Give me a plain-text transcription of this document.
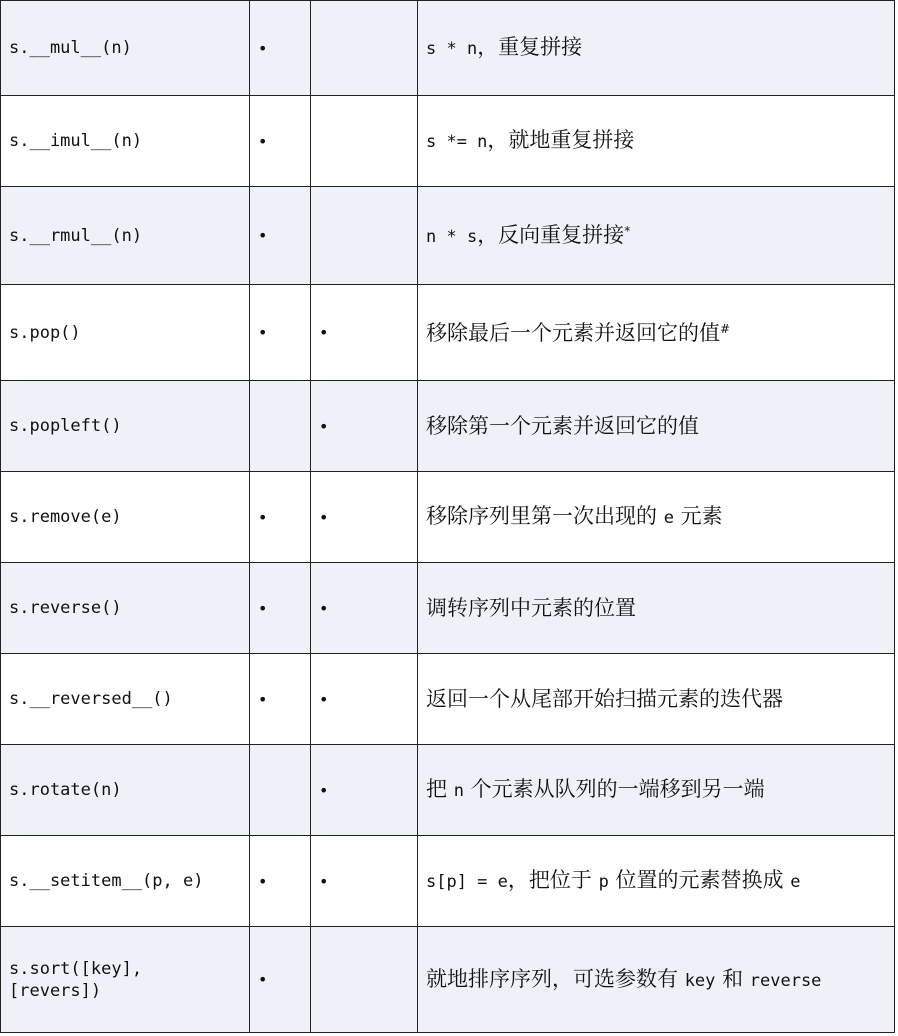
s.__mul__(n)	•		s * n，重复拼接
s.__imul__(n)	•		s *= n，就地重复拼接
s.__rmul__(n)	•		n * s，反向重复拼接*
s.pop()	•	•	移除最后一个元素并返回它的值#
s.popleft()		•	移除第一个元素并返回它的值
s.remove(e)	•	•	移除序列里第一次出现的 e 元素
s.reverse()	•	•	调转序列中元素的位置
s.__reversed__()	•	•	返回一个从尾部开始扫描元素的迭代器
s.rotate(n)		•	把 n 个元素从队列的一端移到另一端
s.__setitem__(p, e)	•	•	s[p] = e，把位于 p 位置的元素替换成 e
s.sort([key],
[revers])	•		就地排序序列，可选参数有 key 和 reverse
